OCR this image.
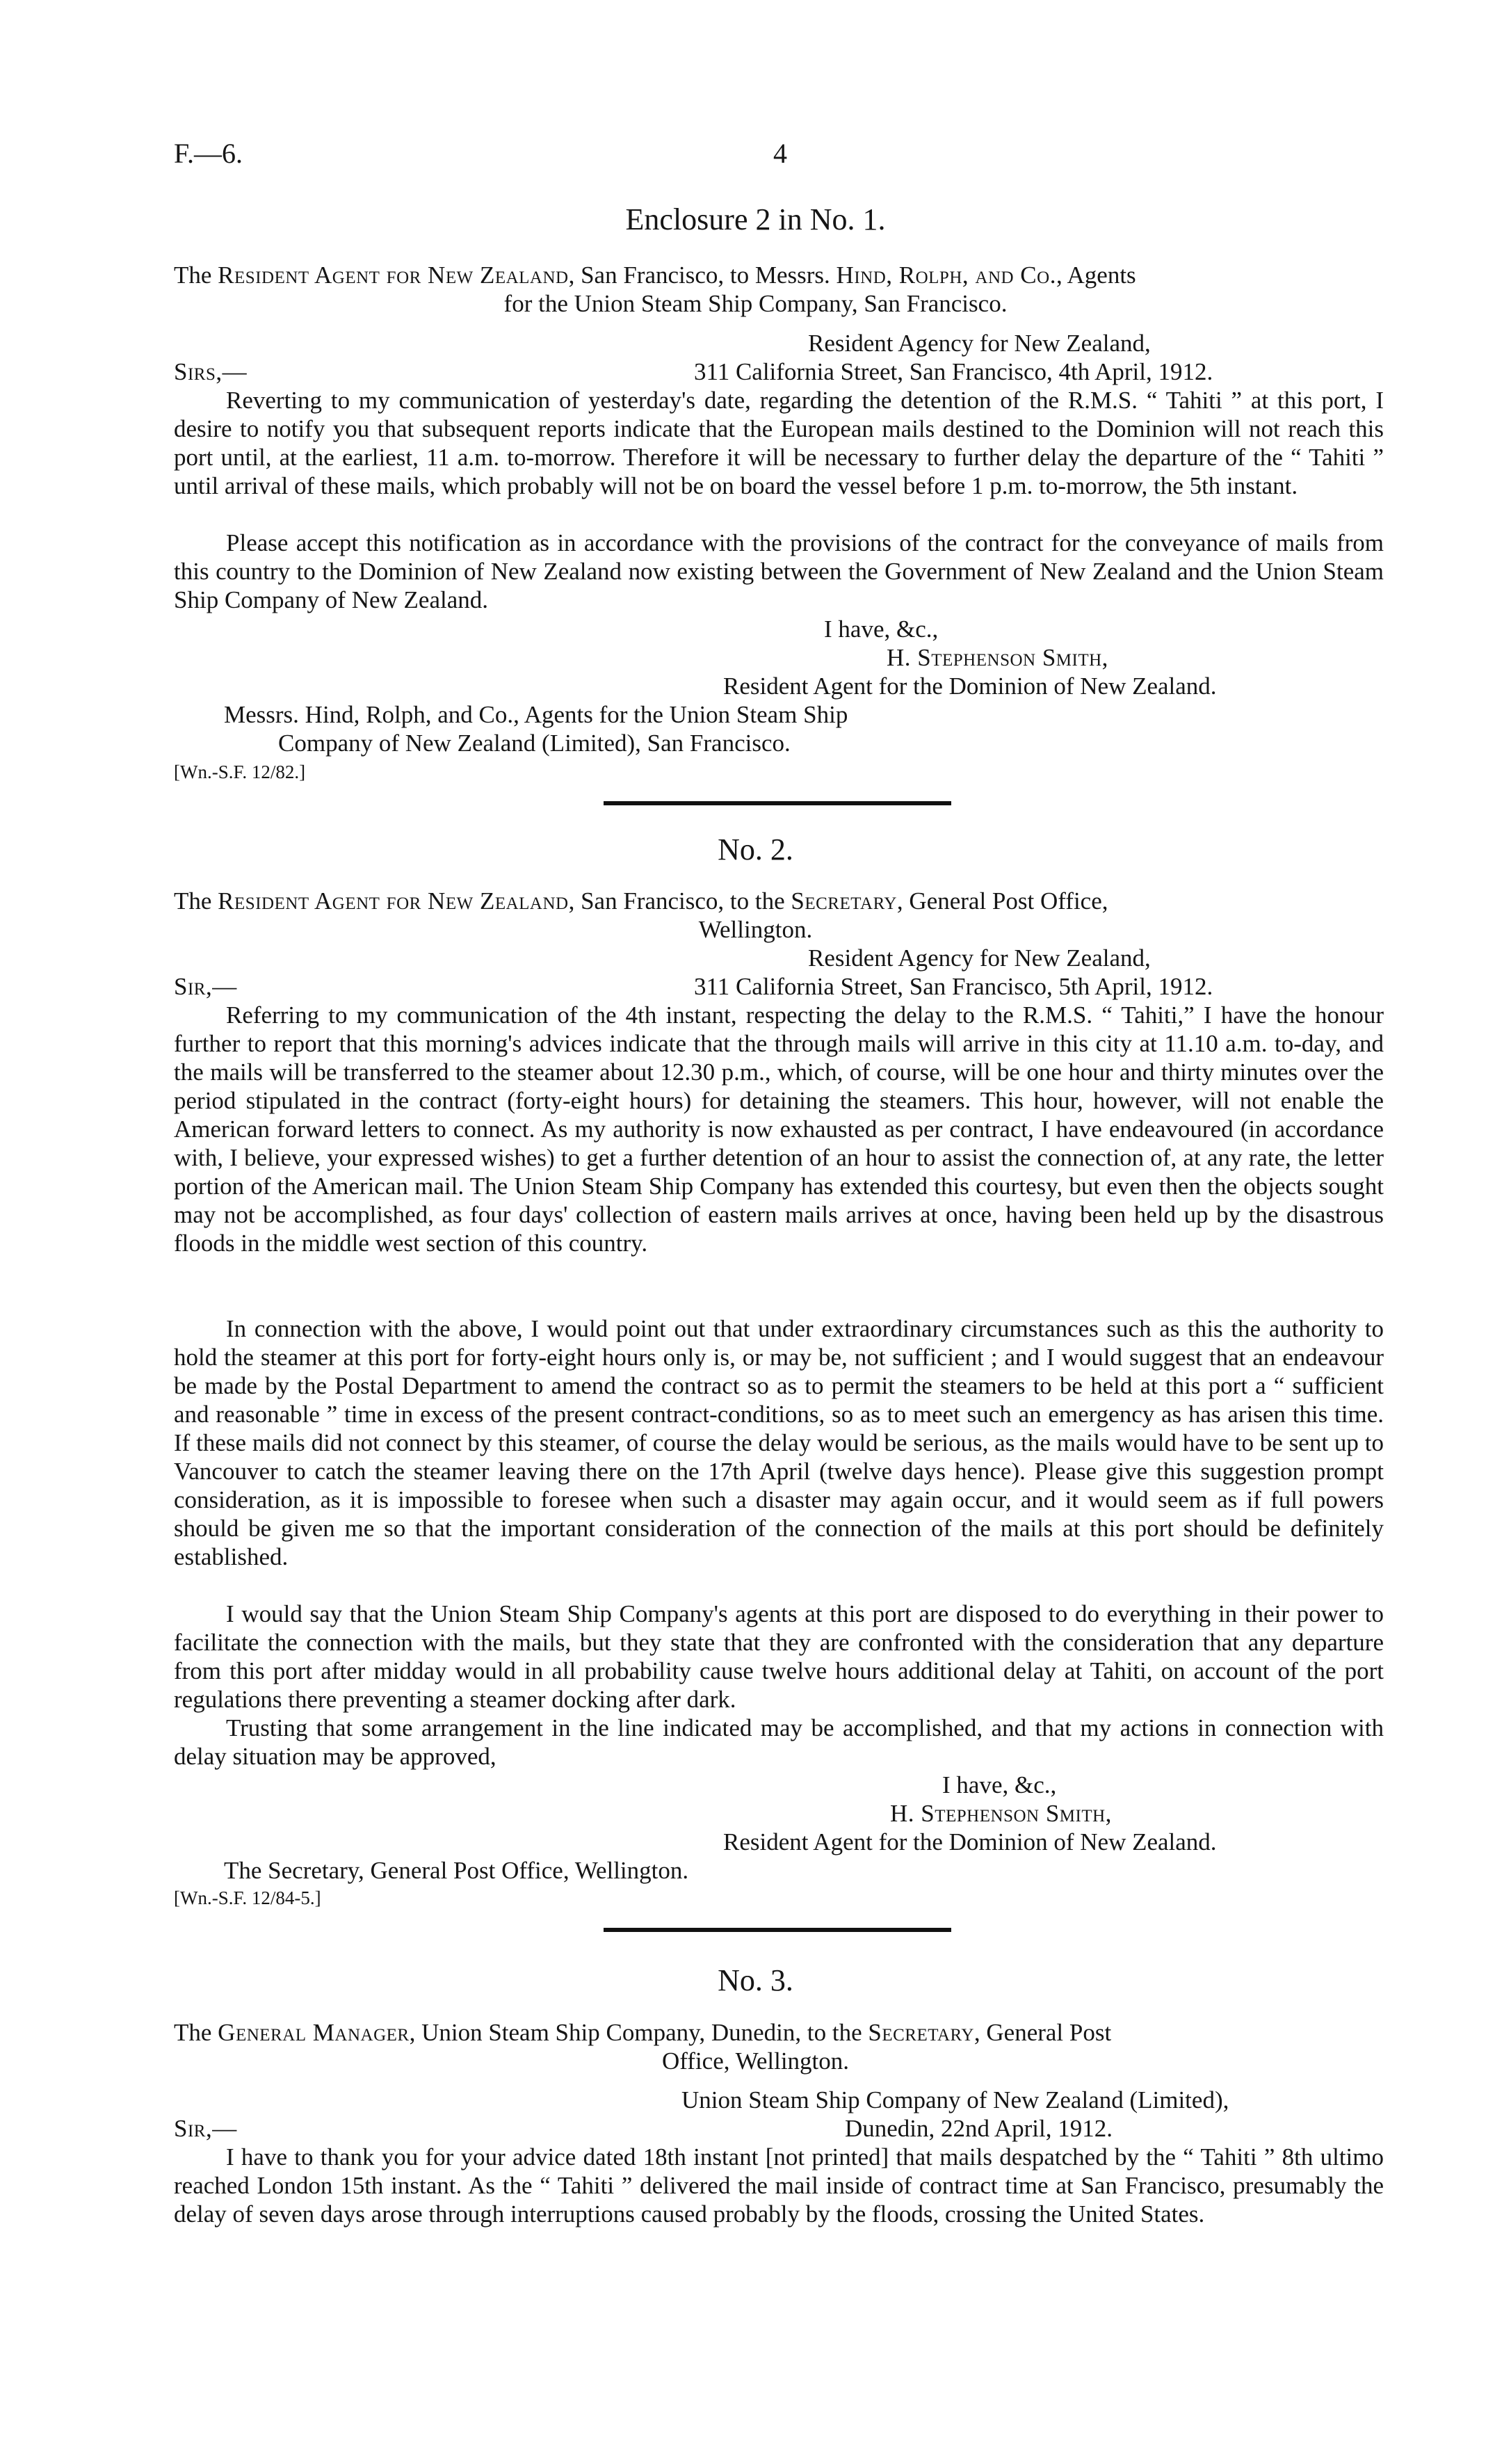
F.—6.	4
Enclosure 2 in No. 1.
The Resident Agent for New Zealand, San Francisco, to Messrs. Hind, Rolph, and Co., Agents
for the Union Steam Ship Company, San Francisco.
Resident Agency for New Zealand,
Sirs,—	311 California Street, San Francisco, 4th April, 1912.
Reverting to my communication of yesterday's date, regarding the detention of the R.M.S. “ Tahiti ” at this port, I desire to notify you that subsequent reports indicate that the European mails destined to the Dominion will not reach this port until, at the earliest, 11 a.m. to-morrow. Therefore it will be necessary to further delay the departure of the “ Tahiti ” until arrival of these mails, which probably will not be on board the vessel before 1 p.m. to-morrow, the 5th instant.
Please accept this notification as in accordance with the provisions of the contract for the conveyance of mails from this country to the Dominion of New Zealand now existing between the Government of New Zealand and the Union Steam Ship Company of New Zealand.
I have, &c.,
H. Stephenson Smith,
Resident Agent for the Dominion of New Zealand.
Messrs. Hind, Rolph, and Co., Agents for the Union Steam Ship
Company of New Zealand (Limited), San Francisco.
[Wn.-S.F. 12/82.]
No. 2.
The Resident Agent for New Zealand, San Francisco, to the Secretary, General Post Office,
Wellington.
Resident Agency for New Zealand,
Sir,—	311 California Street, San Francisco, 5th April, 1912.
Referring to my communication of the 4th instant, respecting the delay to the R.M.S. “ Tahiti,” I have the honour further to report that this morning's advices indicate that the through mails will arrive in this city at 11.10 a.m. to-day, and the mails will be transferred to the steamer about 12.30 p.m., which, of course, will be one hour and thirty minutes over the period stipulated in the contract (forty-eight hours) for detaining the steamers. This hour, however, will not enable the American forward letters to connect. As my authority is now exhausted as per contract, I have endeavoured (in accordance with, I believe, your expressed wishes) to get a further detention of an hour to assist the connection of, at any rate, the letter portion of the American mail. The Union Steam Ship Company has extended this courtesy, but even then the objects sought may not be accomplished, as four days' collection of eastern mails arrives at once, having been held up by the disastrous floods in the middle west section of this country.
In connection with the above, I would point out that under extraordinary circumstances such as this the authority to hold the steamer at this port for forty-eight hours only is, or may be, not sufficient ; and I would suggest that an endeavour be made by the Postal Department to amend the contract so as to permit the steamers to be held at this port a “ sufficient and reasonable ” time in excess of the present contract-conditions, so as to meet such an emergency as has arisen this time. If these mails did not connect by this steamer, of course the delay would be serious, as the mails would have to be sent up to Vancouver to catch the steamer leaving there on the 17th April (twelve days hence). Please give this suggestion prompt consideration, as it is impossible to foresee when such a disaster may again occur, and it would seem as if full powers should be given me so that the important consideration of the connection of the mails at this port should be definitely established.
I would say that the Union Steam Ship Company's agents at this port are disposed to do everything in their power to facilitate the connection with the mails, but they state that they are confronted with the consideration that any departure from this port after midday would in all probability cause twelve hours additional delay at Tahiti, on account of the port regulations there preventing a steamer docking after dark.
Trusting that some arrangement in the line indicated may be accomplished, and that my actions in connection with delay situation may be approved,
I have, &c.,
H. Stephenson Smith,
Resident Agent for the Dominion of New Zealand.
The Secretary, General Post Office, Wellington.
[Wn.-S.F. 12/84-5.]
No. 3.
The General Manager, Union Steam Ship Company, Dunedin, to the Secretary, General Post
Office, Wellington.
Union Steam Ship Company of New Zealand (Limited),
Sir,—	Dunedin, 22nd April, 1912.
I have to thank you for your advice dated 18th instant [not printed] that mails despatched by the “ Tahiti ” 8th ultimo reached London 15th instant. As the “ Tahiti ” delivered the mail inside of contract time at San Francisco, presumably the delay of seven days arose through interruptions caused probably by the floods, crossing the United States.
